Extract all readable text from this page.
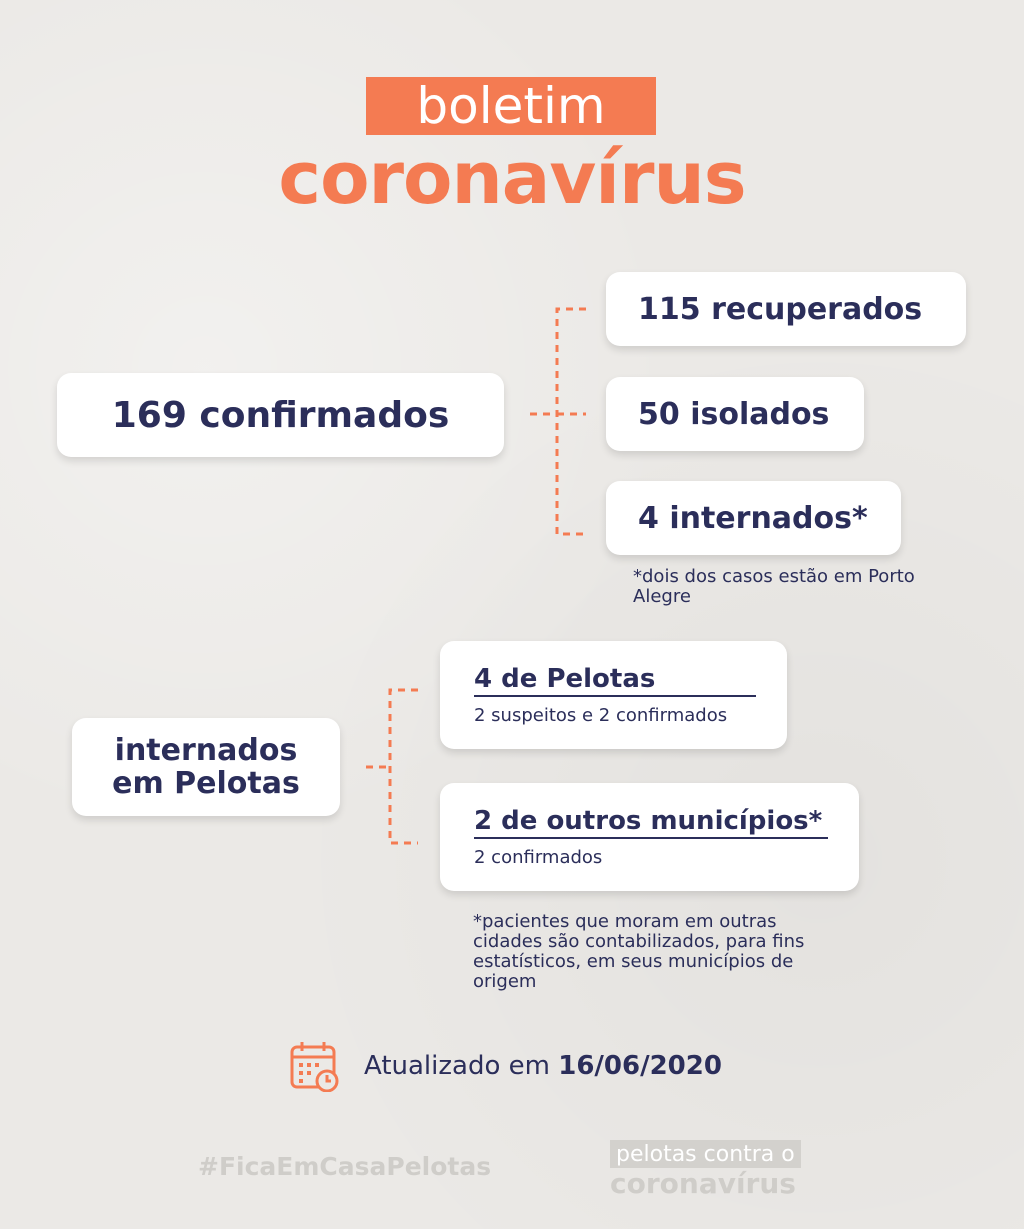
boletim
coronavírus
169 confirmados
115 recuperados
50 isolados
4 internados*
*dois dos casos estão em Porto Alegre
internados
em Pelotas
4 de Pelotas
2 suspeitos e 2 confirmados
2 de outros municípios*
2 confirmados
*pacientes que moram em outras cidades são contabilizados, para fins estatísticos, em seus municípios de origem
Atualizado em 16/06/2020
#FicaEmCasaPelotas	pelotas contra o
coronavírus
